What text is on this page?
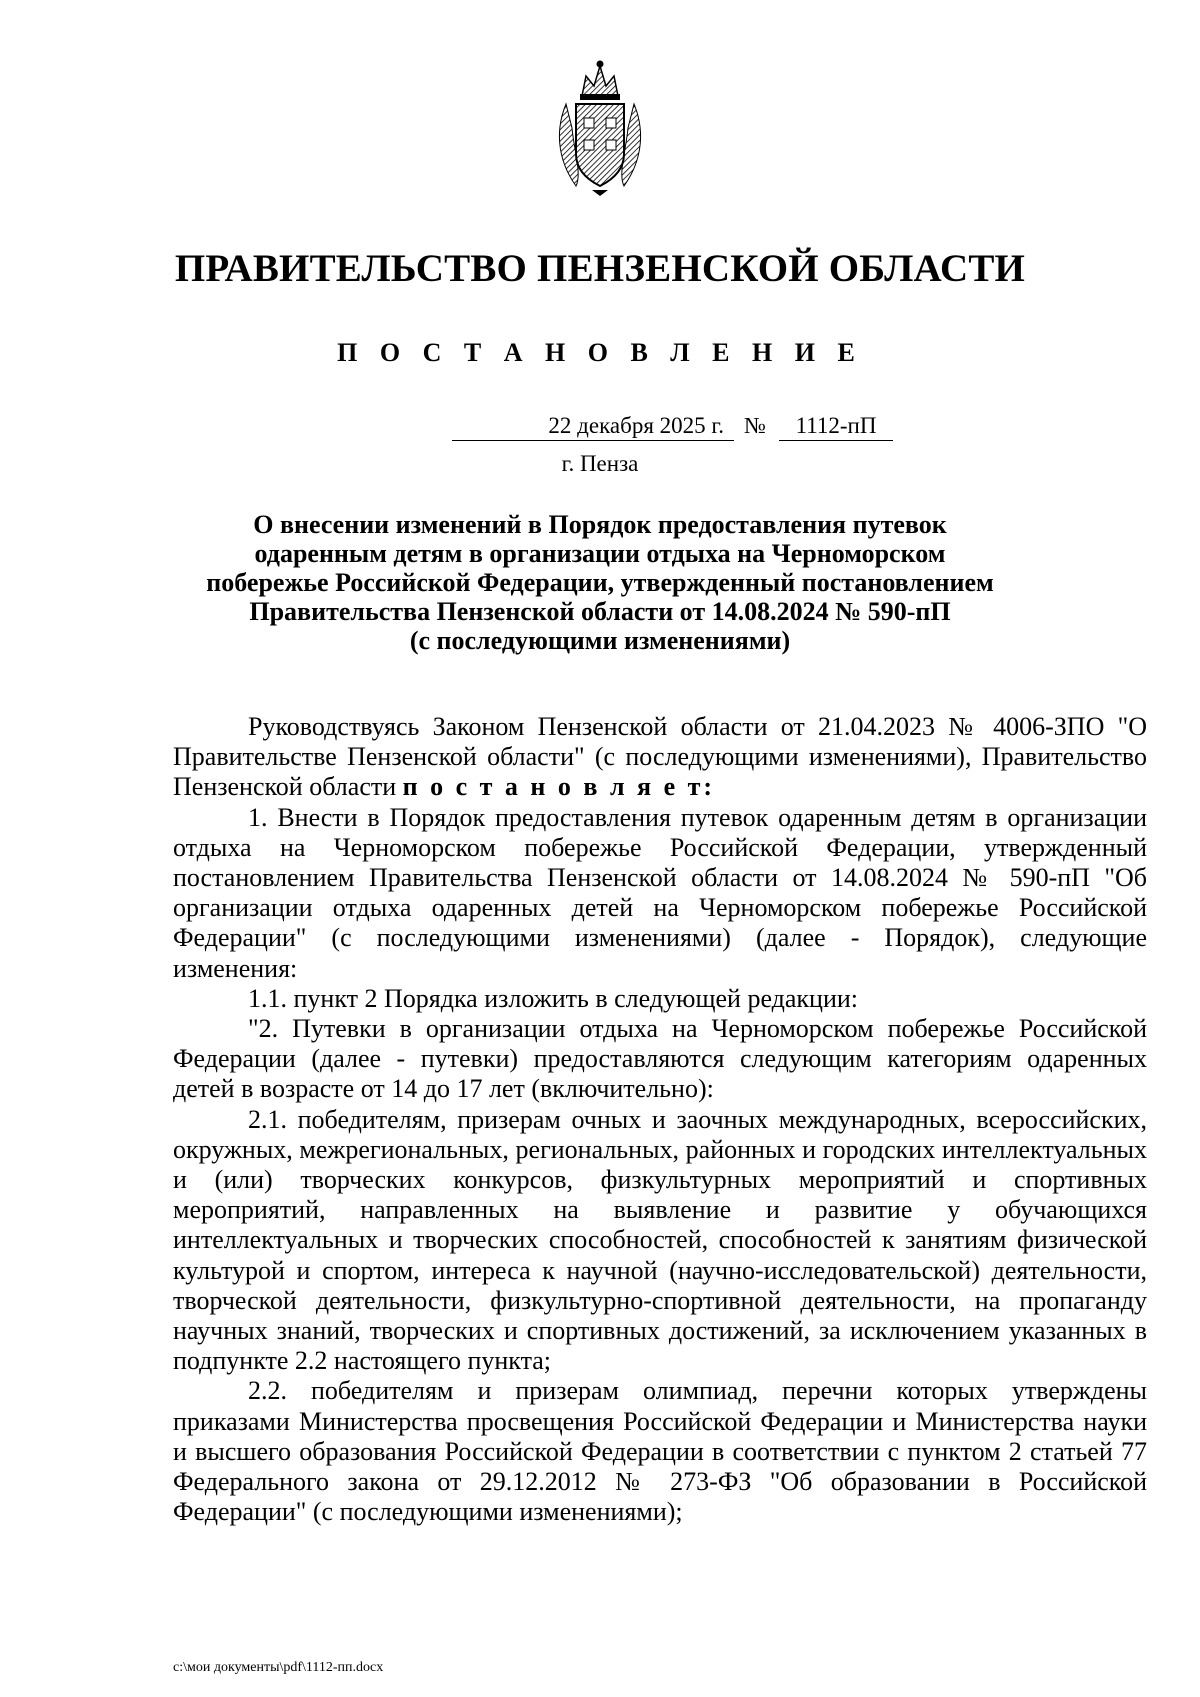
ПРАВИТЕЛЬСТВО ПЕНЗЕНСКОЙ ОБЛАСТИ
П О С Т А Н О В Л Е Н И Е
22 декабря 2025 г. №	1112-пП
г. Пенза
О внесении изменений в Порядок предоставления путевок
одаренным детям в организации отдыха на Черноморском
побережье Российской Федерации, утвержденный постановлением
Правительства Пензенской области от 14.08.2024 № 590-пП
(с последующими изменениями)

Руководствуясь Законом Пензенской области от 21.04.2023 № 4006-ЗПО "О Правительстве Пензенской области" (с последующими изменениями), Правительство Пензенской области п о с т а н о в л я е т:

1. Внести в Порядок предоставления путевок одаренным детям в организации отдыха на Черноморском побережье Российской Федерации, утвержденный постановлением Правительства Пензенской области от 14.08.2024 № 590-пП "Об организации отдыха одаренных детей на Черноморском побережье Российской Федерации" (с последующими изменениями) (далее - Порядок), следующие изменения:

1.1. пункт 2 Порядка изложить в следующей редакции:

"2. Путевки в организации отдыха на Черноморском побережье Российской Федерации (далее - путевки) предоставляются следующим категориям одаренных детей в возрасте от 14 до 17 лет (включительно):

2.1. победителям, призерам очных и заочных международных, всероссийских, окружных, межрегиональных, региональных, районных и городских интеллектуальных и (или) творческих конкурсов, физкультурных мероприятий и спортивных мероприятий, направленных на выявление и развитие у обучающихся интеллектуальных и творческих способностей, способностей к занятиям физической культурой и спортом, интереса к научной (научно-исследовательской) деятельности, творческой деятельности, физкультурно-спортивной деятельности, на пропаганду научных знаний, творческих и спортивных достижений, за исключением указанных в подпункте 2.2 настоящего пункта;

2.2. победителям и призерам олимпиад, перечни которых утверждены приказами Министерства просвещения Российской Федерации и Министерства науки и высшего образования Российской Федерации в соответствии с пунктом 2 статьей 77 Федерального закона от 29.12.2012 № 273-ФЗ "Об образовании в Российской Федерации" (с последующими изменениями);

c:\мои документы\pdf\1112-пп.docx
